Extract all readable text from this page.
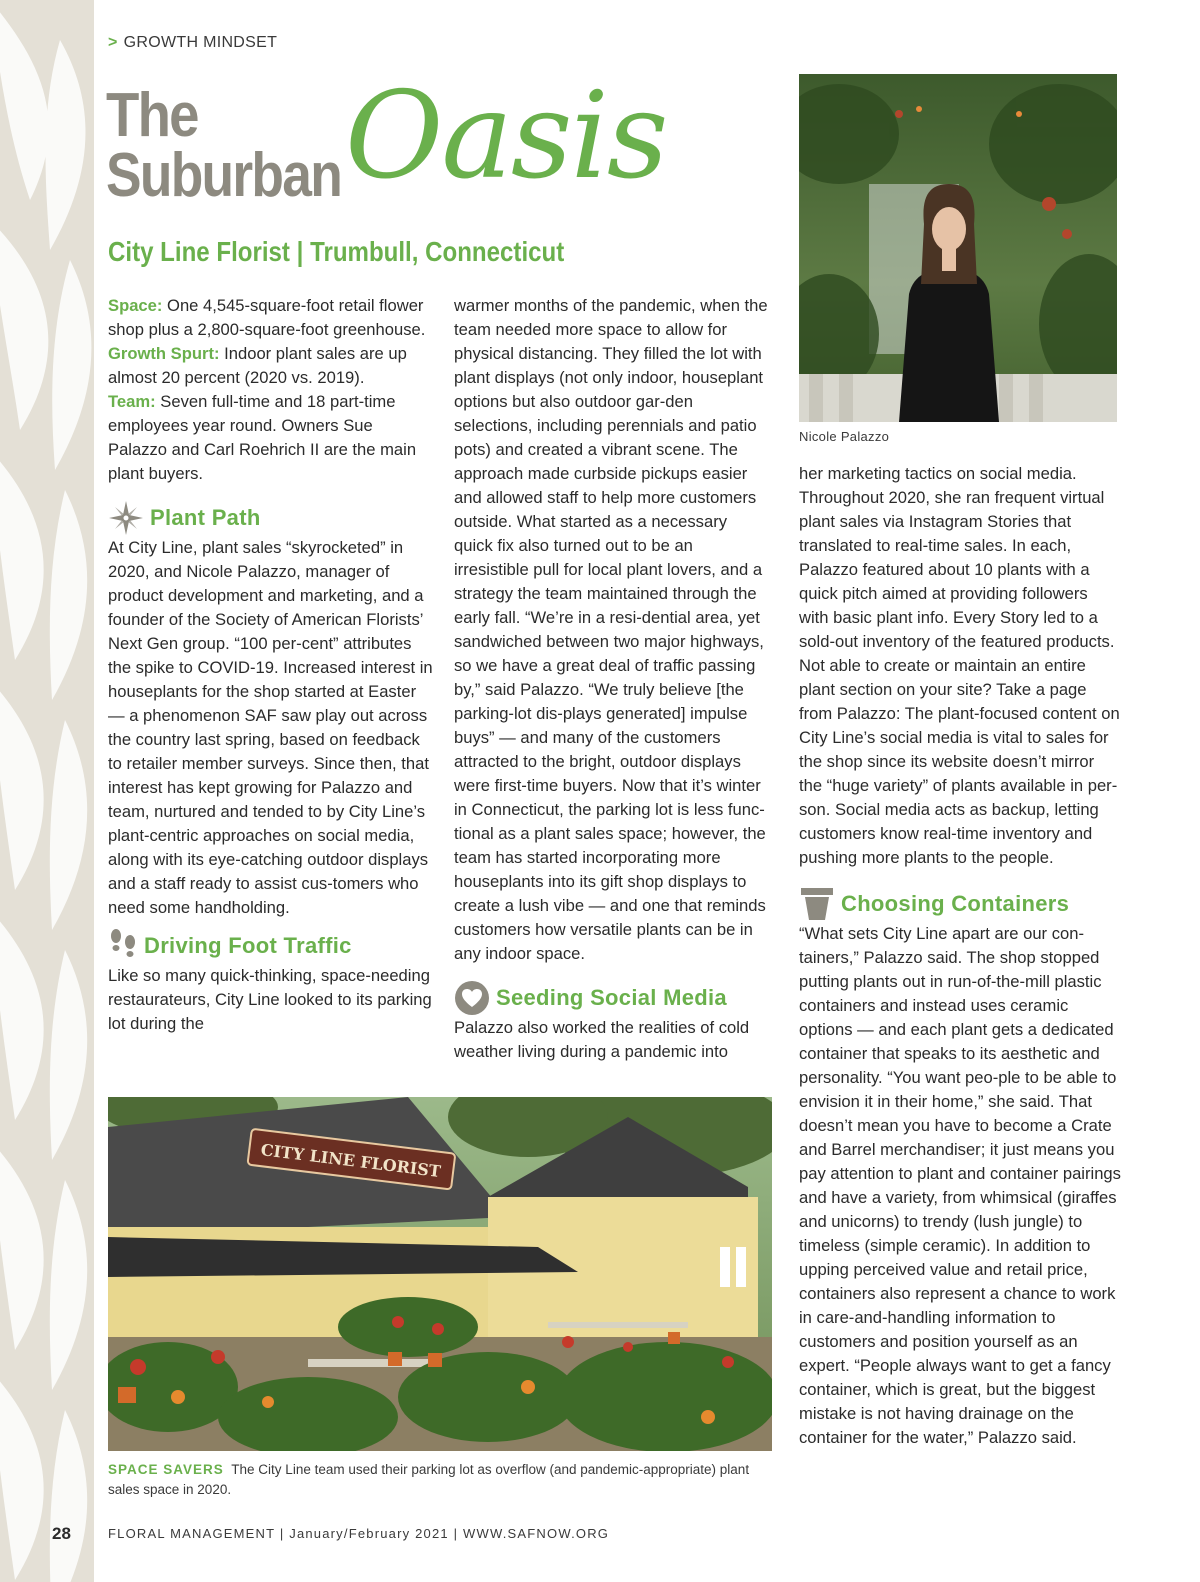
> GROWTH MINDSET
The
Suburban Oasis
City Line Florist | Trumbull, Connecticut

Space: One 4,545-square-foot retail flower shop plus a 2,800-square-foot greenhouse.

Growth Spurt: Indoor plant sales are up almost 20 percent (2020 vs. 2019).

Team: Seven full-time and 18 part-time employees year round. Owners Sue Palazzo and Carl Roehrich II are the main plant buyers.

Plant Path

At City Line, plant sales “skyrocketed” in 2020, and Nicole Palazzo, manager of product development and marketing, and a founder of the Society of American Florists’ Next Gen group. “100 per-cent” attributes the spike to COVID-19. Increased interest in houseplants for the shop started at Easter — a phenomenon SAF saw play out across the country last spring, based on feedback to retailer member surveys. Since then, that interest has kept growing for Palazzo and team, nurtured and tended to by City Line’s plant-centric approaches on social media, along with its eye-catching outdoor displays and a staff ready to assist cus-tomers who need some handholding.

Driving Foot Traffic

Like so many quick-thinking, space-needing restaurateurs, City Line looked to its parking lot during the

warmer months of the pandemic, when the team needed more space to allow for physical distancing. They filled the lot with plant displays (not only indoor, houseplant options but also outdoor gar-den selections, including perennials and patio pots) and created a vibrant scene. The approach made curbside pickups easier and allowed staff to help more customers outside. What started as a necessary quick fix also turned out to be an irresistible pull for local plant lovers, and a strategy the team maintained through the early fall. “We’re in a resi-dential area, yet sandwiched between two major highways, so we have a great deal of traffic passing by,” said Palazzo. “We truly believe [the parking-lot dis-plays generated] impulse buys” — and many of the customers attracted to the bright, outdoor displays were first-time buyers. Now that it’s winter in Connecticut, the parking lot is less func-tional as a plant sales space; however, the team has started incorporating more houseplants into its gift shop displays to create a lush vibe — and one that reminds customers how versatile plants can be in any indoor space.

Seeding Social Media

Palazzo also worked the realities of cold weather living during a pandemic into

Nicole Palazzo

her marketing tactics on social media. Throughout 2020, she ran frequent virtual plant sales via Instagram Stories that translated to real-time sales. In each, Palazzo featured about 10 plants with a quick pitch aimed at providing followers with basic plant info. Every Story led to a sold-out inventory of the featured products. Not able to create or maintain an entire plant section on your site? Take a page from Palazzo: The plant-focused content on City Line’s social media is vital to sales for the shop since its website doesn’t mirror the “huge variety” of plants available in per-son. Social media acts as backup, letting customers know real-time inventory and pushing more plants to the people.

Choosing Containers

“What sets City Line apart are our con-tainers,” Palazzo said. The shop stopped putting plants out in run-of-the-mill plastic containers and instead uses ceramic options — and each plant gets a dedicated container that speaks to its aesthetic and personality. “You want peo-ple to be able to envision it in their home,” she said. That doesn’t mean you have to become a Crate and Barrel merchandiser; it just means you pay attention to plant and container pairings and have a variety, from whimsical (giraffes and unicorns) to trendy (lush jungle) to timeless (simple ceramic). In addition to upping perceived value and retail price, containers also represent a chance to work in care-and-handling information to customers and position yourself as an expert. “People always want to get a fancy container, which is great, but the biggest mistake is not having drainage on the container for the water,” Palazzo said.

CITY LINE FLORIST
SPACE SAVERS The City Line team used their parking lot as overflow (and pandemic-appropriate) plant sales space in 2020.
28	FLORAL MANAGEMENT | January/February 2021 | WWW.SAFNOW.ORG
